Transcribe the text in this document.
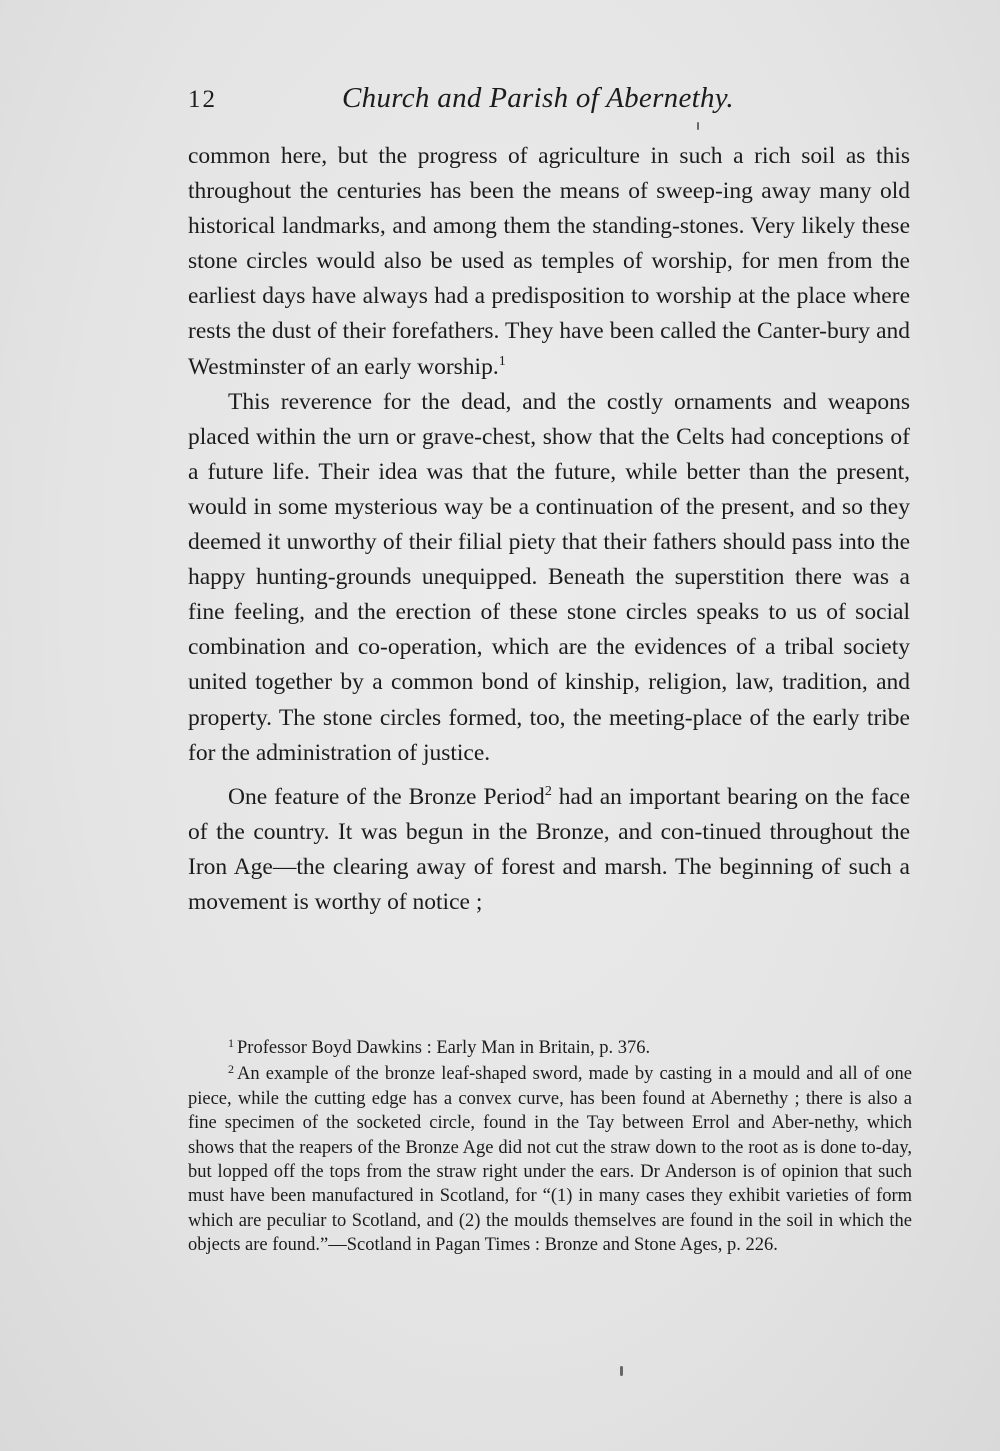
12	Church and Parish of Abernethy.

common here, but the progress of agriculture in such a rich soil as this throughout the centuries has been the means of sweep-ing away many old historical landmarks, and among them the standing-stones. Very likely these stone circles would also be used as temples of worship, for men from the earliest days have always had a predisposition to worship at the place where rests the dust of their forefathers. They have been called the Canter-bury and Westminster of an early worship.$^1$

This reverence for the dead, and the costly ornaments and weapons placed within the urn or grave-chest, show that the Celts had conceptions of a future life. Their idea was that the future, while better than the present, would in some mysterious way be a continuation of the present, and so they deemed it unworthy of their filial piety that their fathers should pass into the happy hunting-grounds unequipped. Beneath the superstition there was a fine feeling, and the erection of these stone circles speaks to us of social combination and co-operation, which are the evidences of a tribal society united together by a common bond of kinship, religion, law, tradition, and property. The stone circles formed, too, the meeting-place of the early tribe for the administration of justice.

One feature of the Bronze Period$^2$ had an important bearing on the face of the country. It was begun in the Bronze, and con-tinued throughout the Iron Age—the clearing away of forest and marsh. The beginning of such a movement is worthy of notice ;

$^1$ Professor Boyd Dawkins : Early Man in Britain, p. 376.

$^2$ An example of the bronze leaf-shaped sword, made by casting in a mould and all of one piece, while the cutting edge has a convex curve, has been found at Abernethy ; there is also a fine specimen of the socketed circle, found in the Tay between Errol and Aber-nethy, which shows that the reapers of the Bronze Age did not cut the straw down to the root as is done to-day, but lopped off the tops from the straw right under the ears. Dr Anderson is of opinion that such must have been manufactured in Scotland, for “(1) in many cases they exhibit varieties of form which are peculiar to Scotland, and (2) the moulds themselves are found in the soil in which the objects are found.”—Scotland in Pagan Times : Bronze and Stone Ages, p. 226.
